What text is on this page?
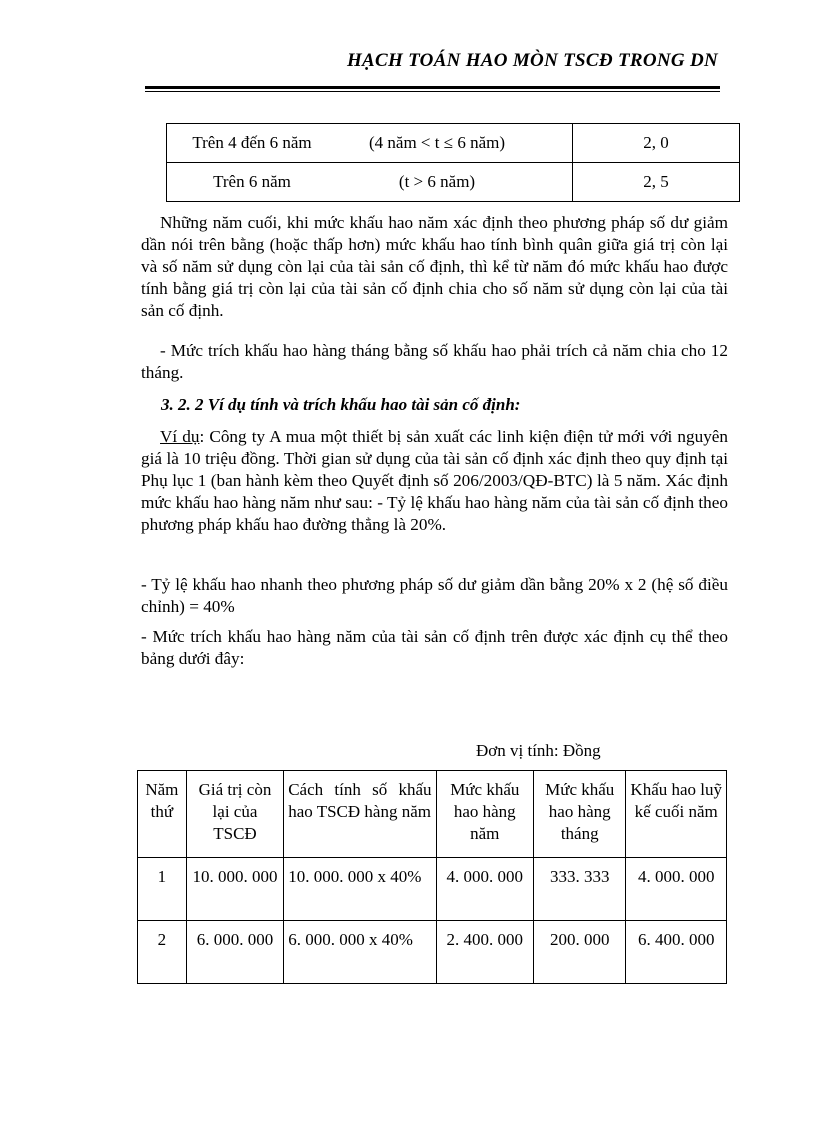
HẠCH TOÁN HAO MÒN TSCĐ TRONG DN
Trên 4 đến 6 năm (4 năm < t ≤ 6 năm)	2, 0
Trên 6 năm (t > 6 năm)	2, 5
Những năm cuối, khi mức khấu hao năm xác định theo phương pháp số dư giảm dần nói trên bằng (hoặc thấp hơn) mức khấu hao tính bình quân giữa giá trị còn lại và số năm sử dụng còn lại của tài sản cố định, thì kể từ năm đó mức khấu hao được tính bằng giá trị còn lại của tài sản cố định chia cho số năm sử dụng còn lại của tài sản cố định.
- Mức trích khấu hao hàng tháng bằng số khấu hao phải trích cả năm chia cho 12 tháng.
3. 2. 2 Ví dụ tính và trích khấu hao tài sản cố định:
Ví dụ: Công ty A mua một thiết bị sản xuất các linh kiện điện tử mới với nguyên giá là 10 triệu đồng. Thời gian sử dụng của tài sản cố định xác định theo quy định tại Phụ lục 1 (ban hành kèm theo Quyết định số 206/2003/QĐ-BTC) là 5 năm. Xác định mức khấu hao hàng năm như sau: - Tỷ lệ khấu hao hàng năm của tài sản cố định theo phương pháp khấu hao đường thẳng là 20%.
- Tỷ lệ khấu hao nhanh theo phương pháp số dư giảm dần bằng 20% x 2 (hệ số điều chỉnh) = 40%
- Mức trích khấu hao hàng năm của tài sản cố định trên được xác định cụ thể theo bảng dưới đây:
Đơn vị tính: Đồng
Năm thứ	Giá trị còn lại của TSCĐ	Cách tính số khấu hao TSCĐ hàng năm	Mức khấu hao hàng năm	Mức khấu hao hàng tháng	Khấu hao luỹ kế cuối năm
1	10. 000. 000	10. 000. 000 x 40%	4. 000. 000	333. 333	4. 000. 000
2	6. 000. 000	6. 000. 000 x 40%	2. 400. 000	200. 000	6. 400. 000
